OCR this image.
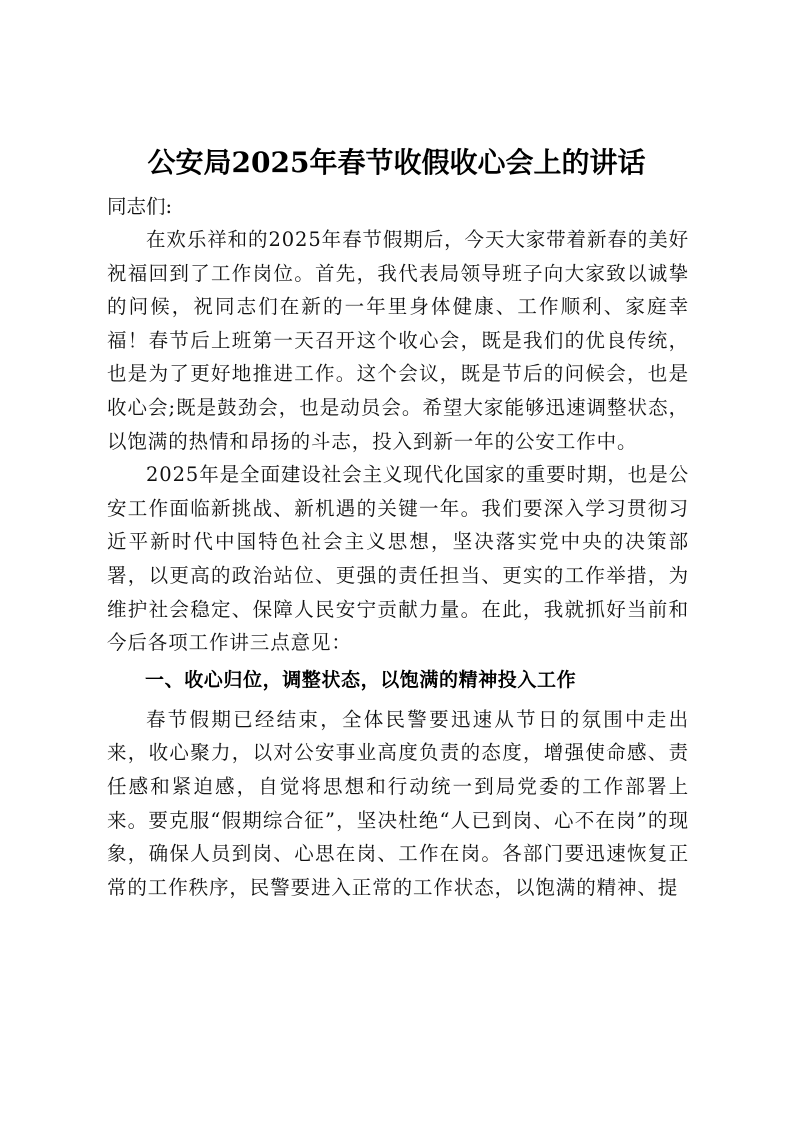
公安局2025年春节收假收心会上的讲话

同志们:

在欢乐祥和的2025年春节假期后，今天大家带着新春的美好祝福回到了工作岗位。首先，我代表局领导班子向大家致以诚挚的问候，祝同志们在新的一年里身体健康、工作顺利、家庭幸福！春节后上班第一天召开这个收心会，既是我们的优良传统，也是为了更好地推进工作。这个会议，既是节后的问候会，也是收心会;既是鼓劲会，也是动员会。希望大家能够迅速调整状态，以饱满的热情和昂扬的斗志，投入到新一年的公安工作中。

2025年是全面建设社会主义现代化国家的重要时期，也是公安工作面临新挑战、新机遇的关键一年。我们要深入学习贯彻习近平新时代中国特色社会主义思想，坚决落实党中央的决策部署，以更高的政治站位、更强的责任担当、更实的工作举措，为维护社会稳定、保障人民安宁贡献力量。在此，我就抓好当前和今后各项工作讲三点意见：

一、收心归位，调整状态，以饱满的精神投入工作

春节假期已经结束，全体民警要迅速从节日的氛围中走出来，收心聚力，以对公安事业高度负责的态度，增强使命感、责任感和紧迫感，自觉将思想和行动统一到局党委的工作部署上来。要克服“假期综合征”，坚决杜绝“人已到岗、心不在岗”的现象，确保人员到岗、心思在岗、工作在岗。各部门要迅速恢复正常的工作秩序，民警要进入正常的工作状态，以饱满的精神、提
